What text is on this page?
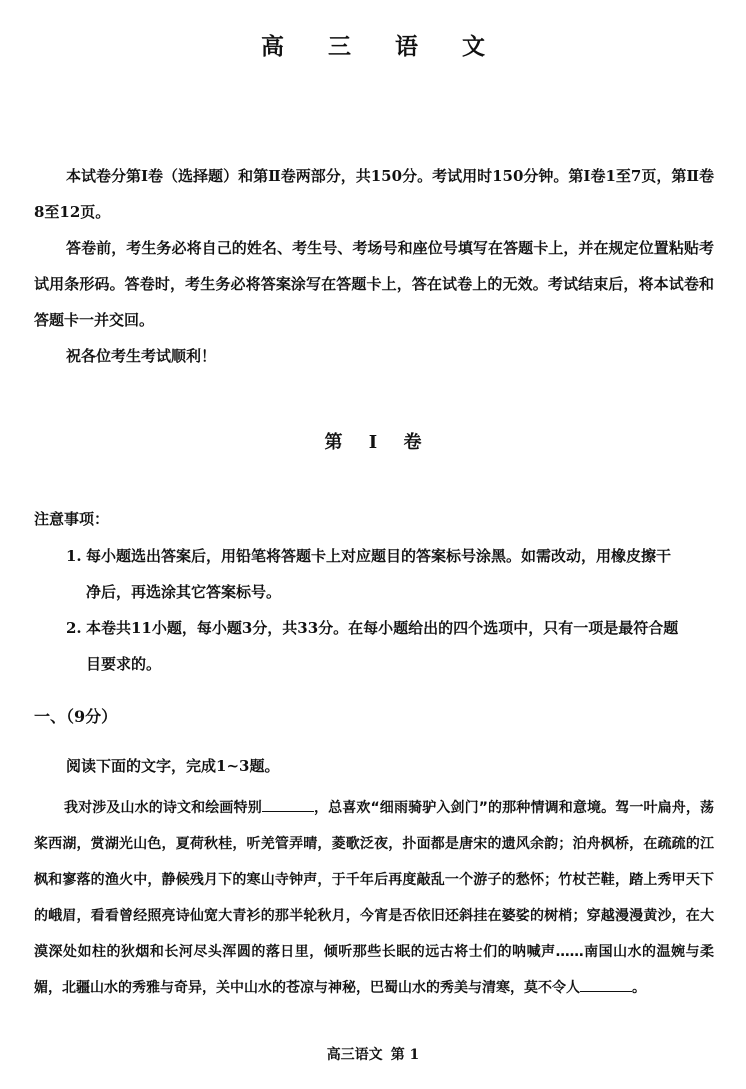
高 三 语 文
本试卷分第Ⅰ卷（选择题）和第Ⅱ卷两部分，共150分。考试用时150分钟。第Ⅰ卷1至7页，第Ⅱ卷8至12页。
答卷前，考生务必将自己的姓名、考生号、考场号和座位号填写在答题卡上，并在规定位置粘贴考试用条形码。答卷时，考生务必将答案涂写在答题卡上，答在试卷上的无效。考试结束后，将本试卷和答题卡一并交回。
祝各位考生考试顺利！
第 Ⅰ 卷
注意事项：
1. 每小题选出答案后，用铅笔将答题卡上对应题目的答案标号涂黑。如需改动，用橡皮擦干
净后，再选涂其它答案标号。
2. 本卷共11小题，每小题3分，共33分。在每小题给出的四个选项中，只有一项是最符合题
目要求的。
一、（9分）
阅读下面的文字，完成1~3题。
我对涉及山水的诗文和绘画特别	，总喜欢“细雨骑驴入剑门”的那种情调和意境。驾一叶扁舟，荡桨西湖，赏湖光山色，夏荷秋桂，听羌管弄晴，菱歌泛夜，扑面都是唐宋的遗风余韵；泊舟枫桥，在疏疏的江枫和寥落的渔火中，静候残月下的寒山寺钟声，于千年后再度敲乱一个游子的愁怀；竹杖芒鞋，踏上秀甲天下的峨眉，看看曾经照亮诗仙宽大青衫的那半轮秋月，今宵是否依旧还斜挂在婆娑的树梢；穿越漫漫黄沙，在大漠深处如柱的狄烟和长河尽头浑圆的落日里，倾听那些长眠的远古将士们的呐喊声……南国山水的温婉与柔媚，北疆山水的秀雅与奇异，关中山水的苍凉与神秘，巴蜀山水的秀美与清寒，莫不令人	。
高三语文 第 1
